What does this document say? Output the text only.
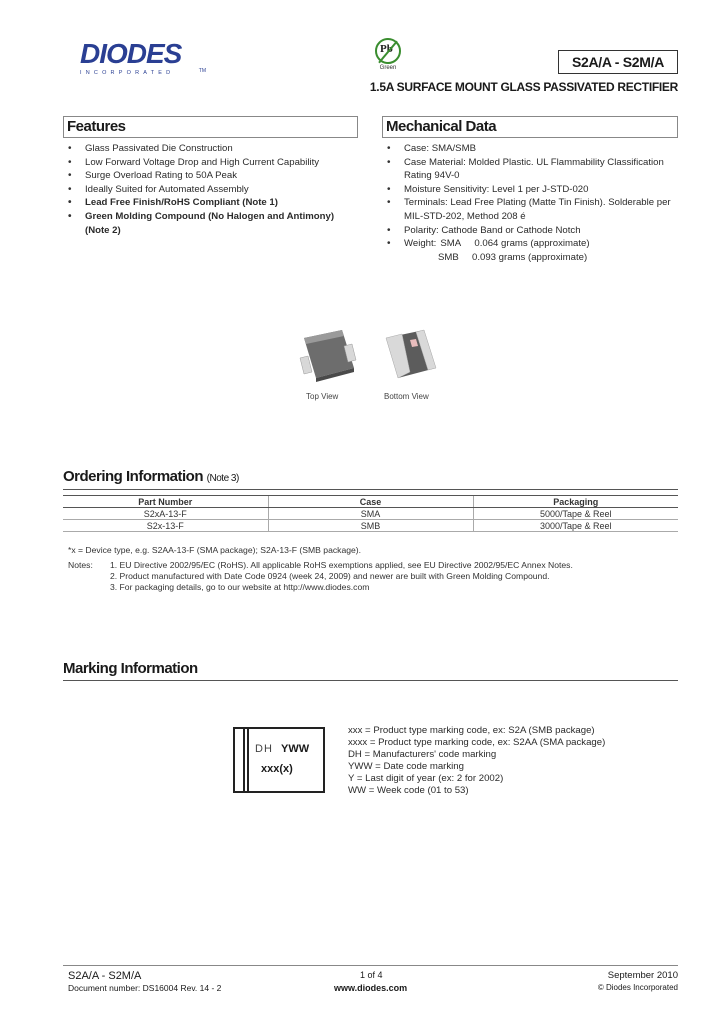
DIODES
INCORPORATED	TM
Pb
Green	S2A/A - S2M/A
1.5A SURFACE MOUNT GLASS PASSIVATED RECTIFIER
Features
• Glass Passivated Die Construction
• Low Forward Voltage Drop and High Current Capability
• Surge Overload Rating to 50A Peak
• Ideally Suited for Automated Assembly
• Lead Free Finish/RoHS Compliant (Note 1)
• Green Molding Compound (No Halogen and Antimony)
(Note 2)
Mechanical Data
• Case: SMA/SMB
• Case Material: Molded Plastic. UL Flammability Classification
Rating 94V-0
• Moisture Sensitivity: Level 1 per J-STD-020
• Terminals: Lead Free Plating (Matte Tin Finish). Solderable per
MIL-STD-202, Method 208 é
• Polarity: Cathode Band or Cathode Notch
• Weight: SMA	0.064 grams (approximate)
SMB	0.093 grams (approximate)
Top View	Bottom View
Ordering Information (Note 3)
Part Number	Case	Packaging
S2xA-13-F	SMA	5000/Tape & Reel
S2x-13-F	SMB	3000/Tape & Reel
*x = Device type, e.g. S2AA-13-F (SMA package); S2A-13-F (SMB package).
Notes: 1. EU Directive 2002/95/EC (RoHS). All applicable RoHS exemptions applied, see EU Directive 2002/95/EC Annex Notes.
2. Product manufactured with Date Code 0924 (week 24, 2009) and newer are built with Green Molding Compound.
3. For packaging details, go to our website at http://www.diodes.com
Marking Information
DH YWW
xxx(x)
xxx = Product type marking code, ex: S2A (SMB package)
xxxx = Product type marking code, ex: S2AA (SMA package)
DH = Manufacturers' code marking
YWW = Date code marking
Y = Last digit of year (ex: 2 for 2002)
WW = Week code (01 to 53)
S2A/A - S2M/A
Document number: DS16004 Rev. 14 - 2
1 of 4
www.diodes.com
September 2010
© Diodes Incorporated
